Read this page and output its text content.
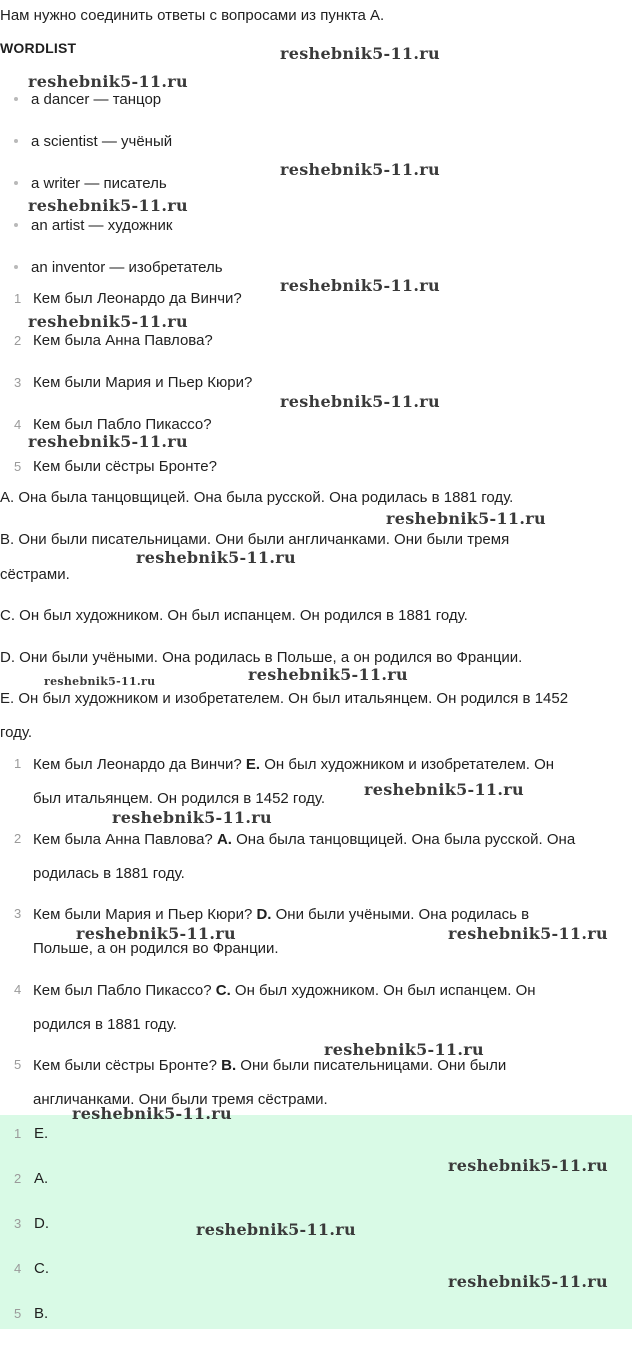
Нам нужно соединить ответы с вопросами из пункта А.
WORDLIST
a dancer — танцор
a scientist — учёный
a writer — писатель
an artist — художник
an inventor — изобретатель
1 Кем был Леонардо да Винчи?
2 Кем была Анна Павлова?
3 Кем были Мария и Пьер Кюри?
4 Кем был Пабло Пикассо?
5 Кем были сёстры Бронте?
A. Она была танцовщицей. Она была русской. Она родилась в 1881 году.
B. Они были писательницами. Они были англичанками. Они были тремя
сёстрами.
C. Он был художником. Он был испанцем. Он родился в 1881 году.
D. Они были учёными. Она родилась в Польше, а он родился во Франции.
E. Он был художником и изобретателем. Он был итальянцем. Он родился в 1452
году.
1 Кем был Леонардо да Винчи? E. Он был художником и изобретателем. Он
был итальянцем. Он родился в 1452 году.
2 Кем была Анна Павлова? A. Она была танцовщицей. Она была русской. Она
родилась в 1881 году.
3 Кем были Мария и Пьер Кюри? D. Они были учёными. Она родилась в
Польше, а он родился во Франции.
4 Кем был Пабло Пикассо? C. Он был художником. Он был испанцем. Он
родился в 1881 году.
5 Кем были сёстры Бронте? B. Они были писательницами. Они были
англичанками. Они были тремя сёстрами.
1 E.
2 A.
3 D.
4 C.
5 B.
reshebnik5-11.ru
reshebnik5-11.ru
reshebnik5-11.ru
reshebnik5-11.ru
reshebnik5-11.ru
reshebnik5-11.ru
reshebnik5-11.ru
reshebnik5-11.ru
reshebnik5-11.ru
reshebnik5-11.ru
reshebnik5-11.ru
reshebnik5-11.ru
reshebnik5-11.ru
reshebnik5-11.ru
reshebnik5-11.ru	reshebnik5-11.ru
reshebnik5-11.ru
reshebnik5-11.ru
reshebnik5-11.ru
reshebnik5-11.ru
reshebnik5-11.ru
